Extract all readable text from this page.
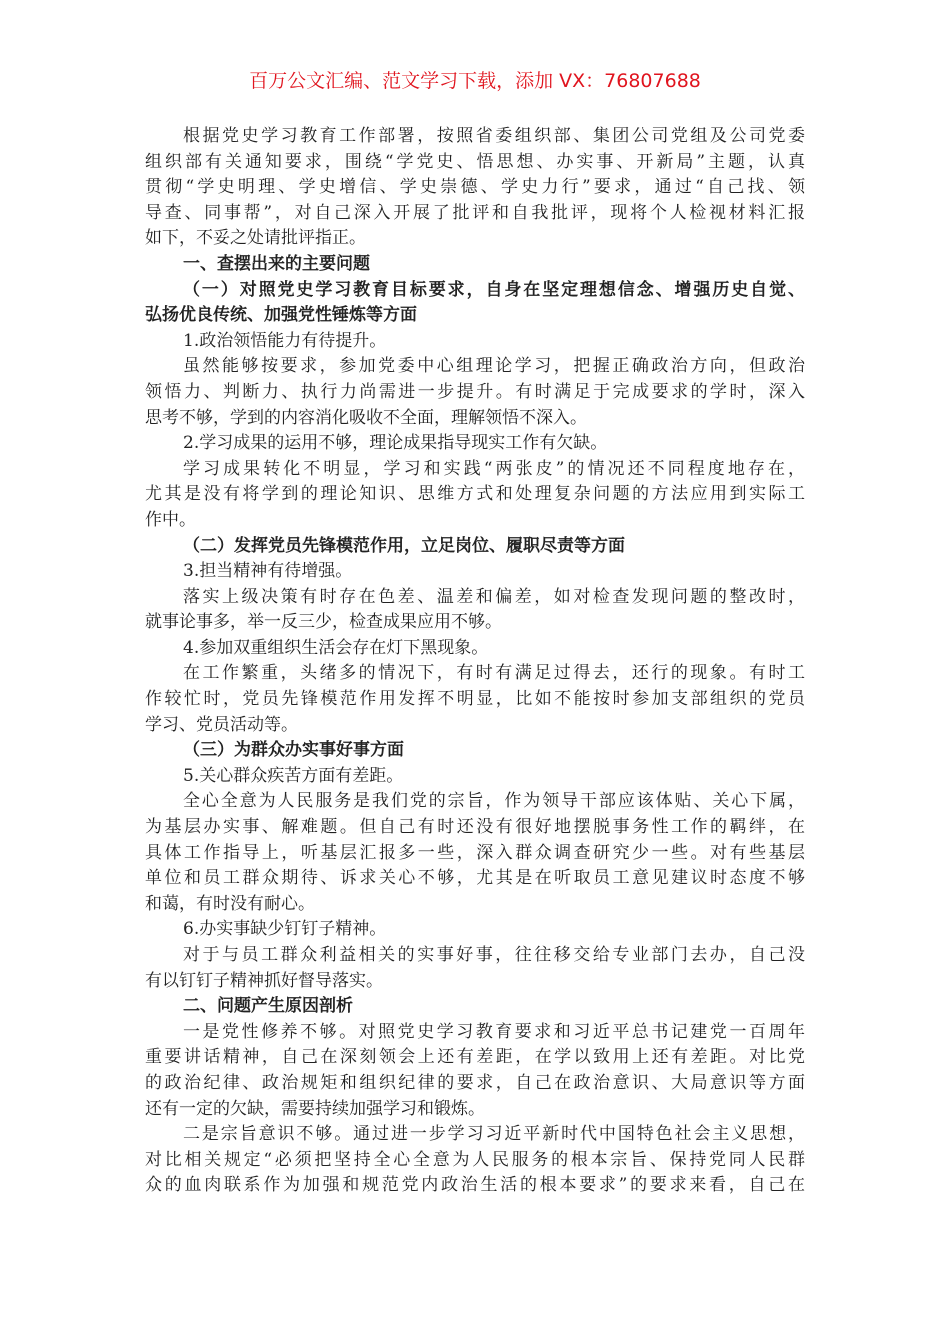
百万公文汇编、范文学习下载，添加 VX：76807688
根据党史学习教育工作部署，按照省委组织部、集团公司党组及公司党委
组织部有关通知要求，围绕“学党史、悟思想、办实事、开新局”主题，认真
贯彻“学史明理、学史增信、学史崇德、学史力行”要求，通过“自己找、领
导查、同事帮”，对自己深入开展了批评和自我批评，现将个人检视材料汇报
如下，不妥之处请批评指正。
一、查摆出来的主要问题
（一）对照党史学习教育目标要求，自身在坚定理想信念、增强历史自觉、
弘扬优良传统、加强党性锤炼等方面
1.政治领悟能力有待提升。
虽然能够按要求，参加党委中心组理论学习，把握正确政治方向，但政治
领悟力、判断力、执行力尚需进一步提升。有时满足于完成要求的学时，深入
思考不够，学到的内容消化吸收不全面，理解领悟不深入。
2.学习成果的运用不够，理论成果指导现实工作有欠缺。
学习成果转化不明显，学习和实践“两张皮”的情况还不同程度地存在，
尤其是没有将学到的理论知识、思维方式和处理复杂问题的方法应用到实际工
作中。
（二）发挥党员先锋模范作用，立足岗位、履职尽责等方面
3.担当精神有待增强。
落实上级决策有时存在色差、温差和偏差，如对检查发现问题的整改时，
就事论事多，举一反三少，检查成果应用不够。
4.参加双重组织生活会存在灯下黑现象。
在工作繁重，头绪多的情况下，有时有满足过得去，还行的现象。有时工
作较忙时，党员先锋模范作用发挥不明显，比如不能按时参加支部组织的党员
学习、党员活动等。
（三）为群众办实事好事方面
5.关心群众疾苦方面有差距。
全心全意为人民服务是我们党的宗旨，作为领导干部应该体贴、关心下属，
为基层办实事、解难题。但自己有时还没有很好地摆脱事务性工作的羁绊，在
具体工作指导上，听基层汇报多一些，深入群众调查研究少一些。对有些基层
单位和员工群众期待、诉求关心不够，尤其是在听取员工意见建议时态度不够
和蔼，有时没有耐心。
6.办实事缺少钉钉子精神。
对于与员工群众利益相关的实事好事，往往移交给专业部门去办，自己没
有以钉钉子精神抓好督导落实。
二、问题产生原因剖析
一是党性修养不够。对照党史学习教育要求和习近平总书记建党一百周年
重要讲话精神，自己在深刻领会上还有差距，在学以致用上还有差距。对比党
的政治纪律、政治规矩和组织纪律的要求，自己在政治意识、大局意识等方面
还有一定的欠缺，需要持续加强学习和锻炼。
二是宗旨意识不够。通过进一步学习习近平新时代中国特色社会主义思想，
对比相关规定“必须把坚持全心全意为人民服务的根本宗旨、保持党同人民群
众的血肉联系作为加强和规范党内政治生活的根本要求”的要求来看，自己在
